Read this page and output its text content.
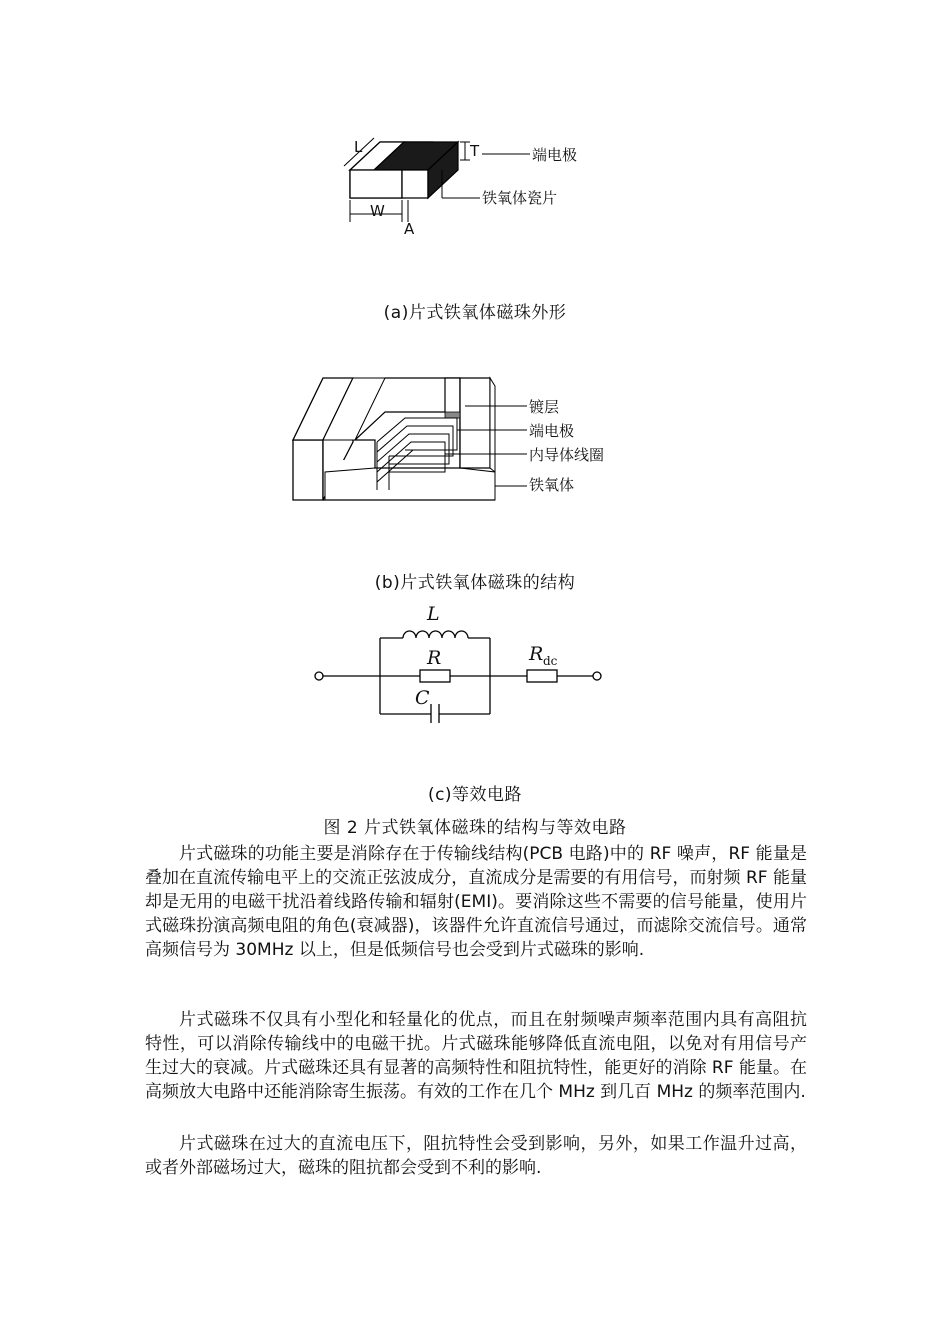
L	T	端电极
铁氧体瓷片
W
A
(a)片式铁氧体磁珠外形
镀层
端电极
内导体线圈
铁氧体
(b)片式铁氧体磁珠的结构
L
R
C
R dc
(c)等效电路
图 2 片式铁氧体磁珠的结构与等效电路

片式磁珠的功能主要是消除存在于传输线结构(PCB 电路)中的 RF 噪声，RF 能量是叠加在直流传输电平上的交流正弦波成分，直流成分是需要的有用信号，而射频 RF 能量却是无用的电磁干扰沿着线路传输和辐射(EMI)。要消除这些不需要的信号能量，使用片式磁珠扮演高频电阻的角色(衰减器)，该器件允许直流信号通过，而滤除交流信号。通常高频信号为 30MHz 以上，但是低频信号也会受到片式磁珠的影响.

片式磁珠不仅具有小型化和轻量化的优点，而且在射频噪声频率范围内具有高阻抗特性，可以消除传输线中的电磁干扰。片式磁珠能够降低直流电阻，以免对有用信号产生过大的衰减。片式磁珠还具有显著的高频特性和阻抗特性，能更好的消除 RF 能量。在高频放大电路中还能消除寄生振荡。有效的工作在几个 MHz 到几百 MHz 的频率范围内.

片式磁珠在过大的直流电压下，阻抗特性会受到影响，另外，如果工作温升过高，或者外部磁场过大，磁珠的阻抗都会受到不利的影响.
